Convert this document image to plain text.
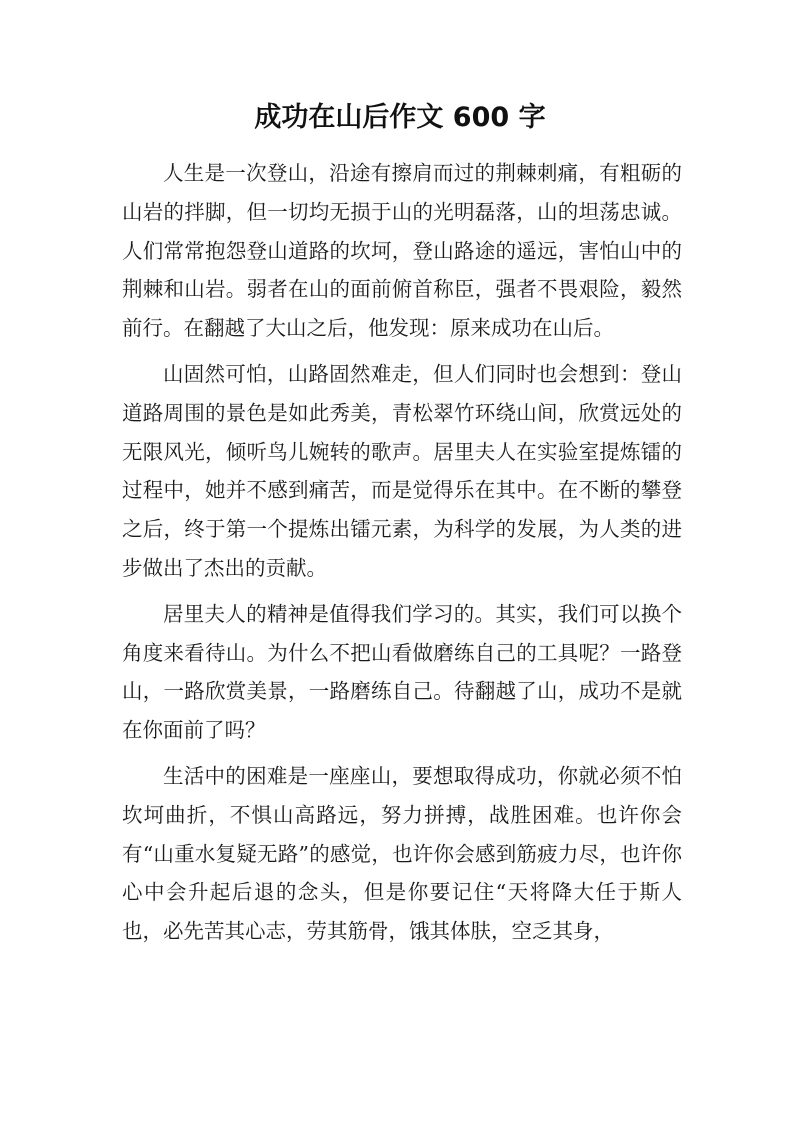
成功在山后作文 600 字

人生是一次登山，沿途有擦肩而过的荆棘刺痛，有粗砺的山岩的拌脚，但一切均无损于山的光明磊落，山的坦荡忠诚。人们常常抱怨登山道路的坎坷，登山路途的遥远，害怕山中的荆棘和山岩。弱者在山的面前俯首称臣，强者不畏艰险，毅然前行。在翻越了大山之后，他发现：原来成功在山后。

山固然可怕，山路固然难走，但人们同时也会想到：登山道路周围的景色是如此秀美，青松翠竹环绕山间，欣赏远处的无限风光，倾听鸟儿婉转的歌声。居里夫人在实验室提炼镭的过程中，她并不感到痛苦，而是觉得乐在其中。在不断的攀登之后，终于第一个提炼出镭元素，为科学的发展，为人类的进步做出了杰出的贡献。

居里夫人的精神是值得我们学习的。其实，我们可以换个角度来看待山。为什么不把山看做磨练自己的工具呢？一路登山，一路欣赏美景，一路磨练自己。待翻越了山，成功不是就在你面前了吗？

生活中的困难是一座座山，要想取得成功，你就必须不怕坎坷曲折，不惧山高路远，努力拼搏，战胜困难。也许你会有“山重水复疑无路”的感觉，也许你会感到筋疲力尽，也许你心中会升起后退的念头，但是你要记住“天将降大任于斯人也，必先苦其心志，劳其筋骨，饿其体肤，空乏其身，
